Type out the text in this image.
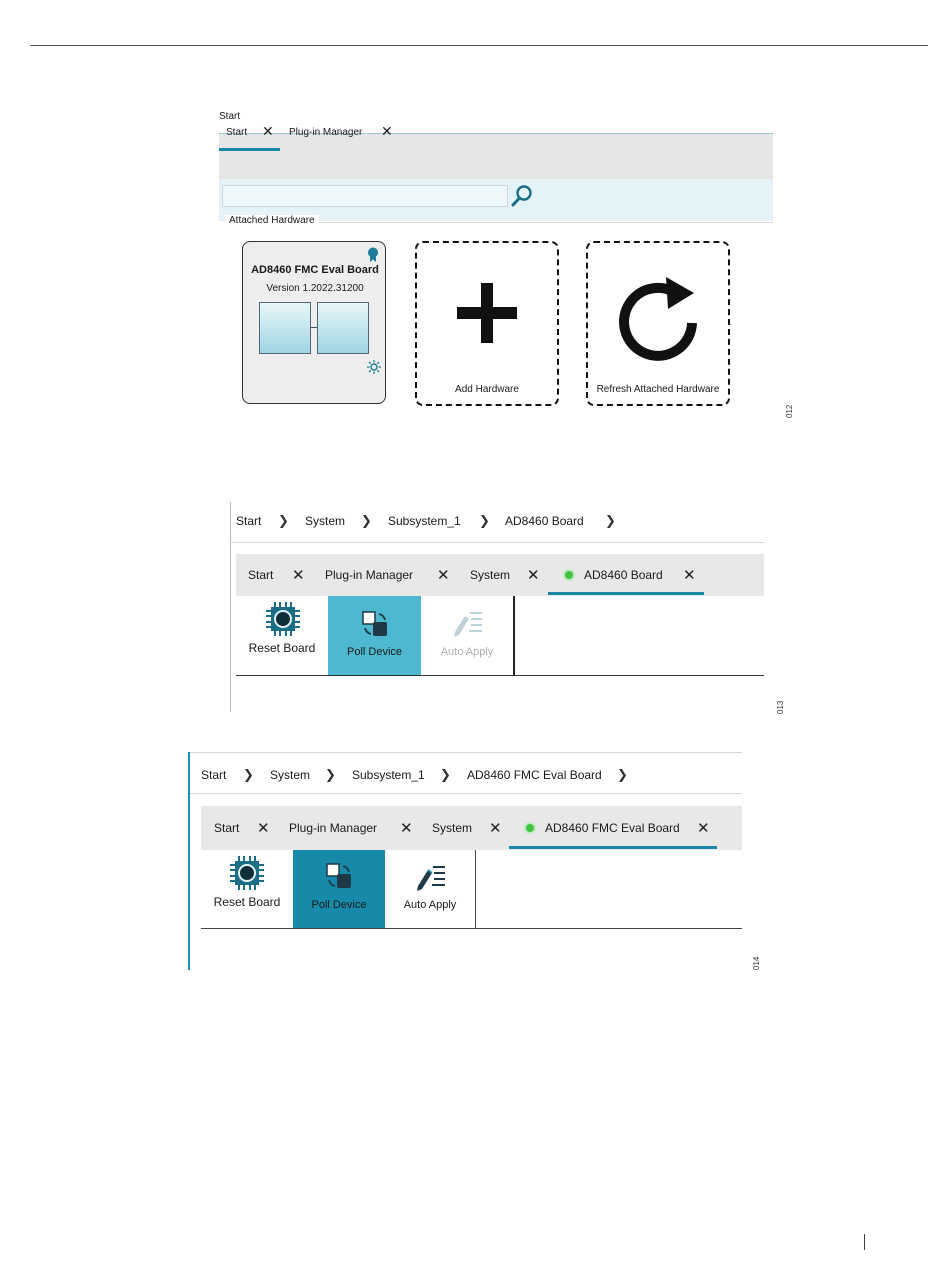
Start
Start ✕ Plug-in Manager ✕
Attached Hardware
AD8460 FMC Eval Board
Version 1.2022.31200
Add Hardware	Refresh Attached Hardware
012
Start ❯ System ❯ Subsystem_1 ❯ AD8460 Board ❯
Start ✕ Plug-in Manager ✕ System ✕	AD8460 Board ✕
Reset Board	Poll Device	Auto Apply
013
Start ❯ System ❯ Subsystem_1 ❯ AD8460 FMC Eval Board ❯
Start ✕ Plug-in Manager ✕ System ✕	AD8460 FMC Eval Board ✕
Reset Board	Poll Device	Auto Apply
014
